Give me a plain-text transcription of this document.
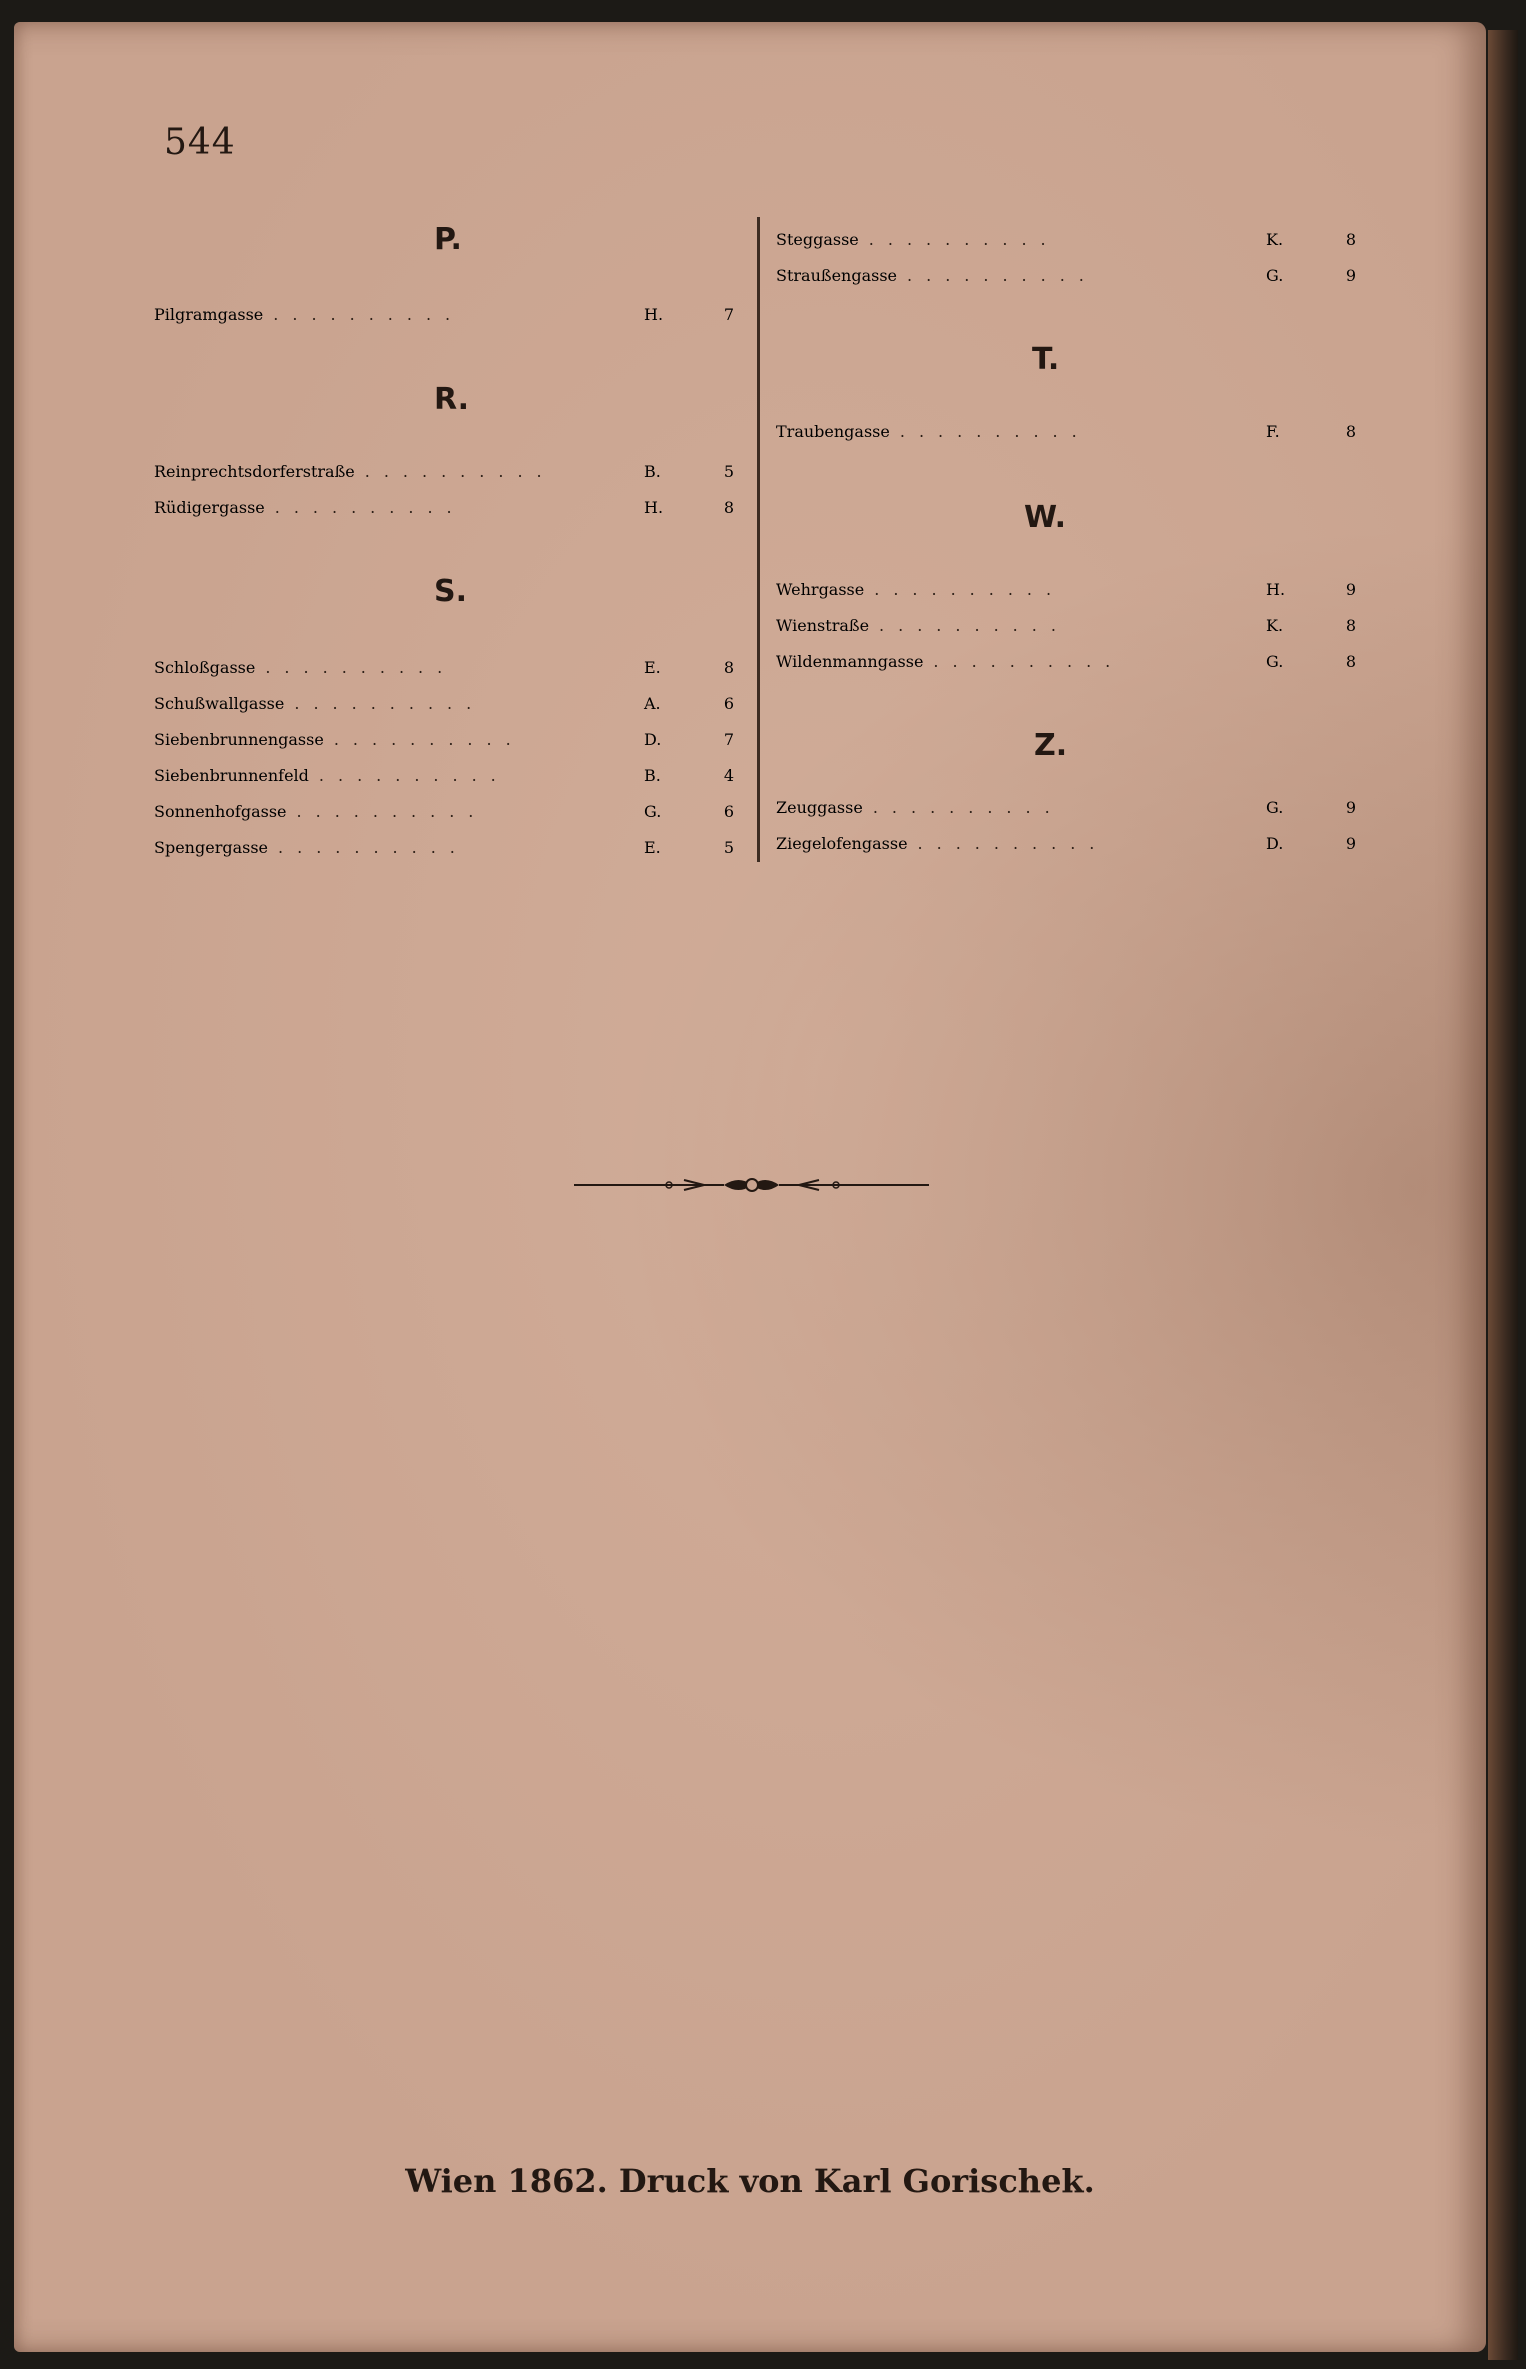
544
P.
Pilgramgasse ..........	H.	7
R.
Reinprechtsdorferstraße ..........	B.	5
Rüdigergasse ..........	H.	8
S.
Schloßgasse ..........	E.	8
Schußwallgasse ..........	A.	6
Siebenbrunnengasse ..........	D.	7
Siebenbrunnenfeld ..........	B.	4
Sonnenhofgasse ..........	G.	6
Spengergasse ..........	E.	5
Steggasse ..........	K.	8
Straußengasse ..........	G.	9
T.
Traubengasse ..........	F.	8
W.
Wehrgasse ..........	H.	9
Wienstraße ..........	K.	8
Wildenmanngasse ..........	G.	8
Z.
Zeuggasse ..........	G.	9
Ziegelofengasse ..........	D.	9
Wien 1862. Druck von Karl Gorischek.
